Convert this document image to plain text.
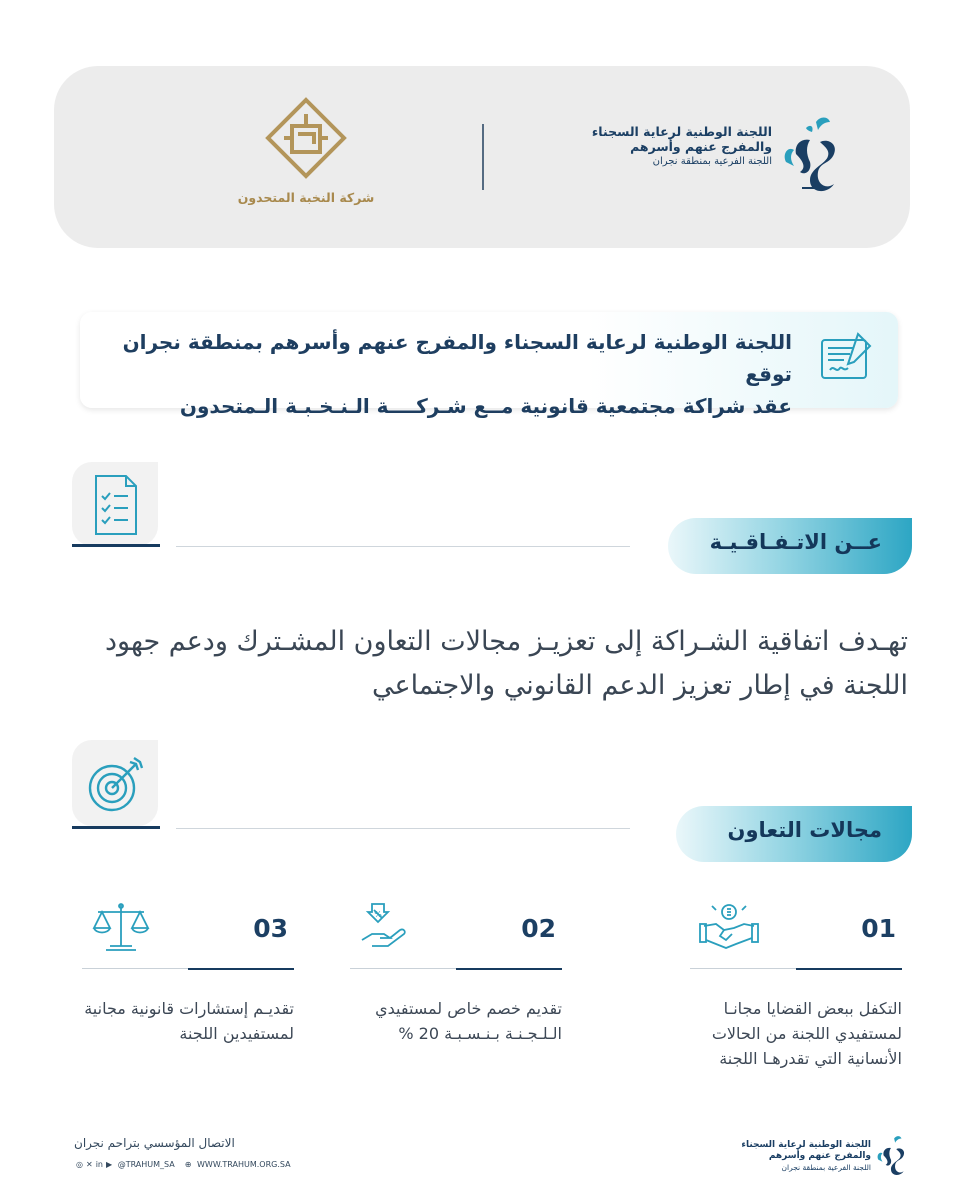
اللجنة الوطنية لرعاية السجناء
والمفرج عنهم وأسرهم
اللجنة الفرعية بمنطقة نجران
شركة النخبة المتحدون
اللجنة الوطنية لرعاية السجناء والمفرج عنهم وأسرهم بمنطقة نجران توقع
عقد شراكة مجتمعية قانونية مــع شـركــــة الـنـخـبـة الـمتحدون
عــن الاتـفـاقـيـة
تهـدف اتفاقية الشـراكة إلى تعزيـز مجالات التعاون المشـترك ودعم جهود اللجنة في إطار تعزيز الدعم القانوني والاجتماعي
مجالات التعاون
01
التكفل ببعض القضايا مجانـا لمستفيدي اللجنة من الحالات الأنسانية التي تقدرهـا اللجنة
02
%
تقديم خصم خاص لمستفيدي الـلـجـنـة بـنـسـبـة 20 %
03
تقديـم إستشارات قانونية مجانية لمستفيدين اللجنة
اللجنة الوطنية لرعاية السجناء
والمفرج عنهم وأسرهم
اللجنة الفرعية بمنطقة نجران
الاتصال المؤسسي بتراحم نجران
◎ ✕ in ▶ @TRAHUM_SA ⊕ WWW.TRAHUM.ORG.SA
